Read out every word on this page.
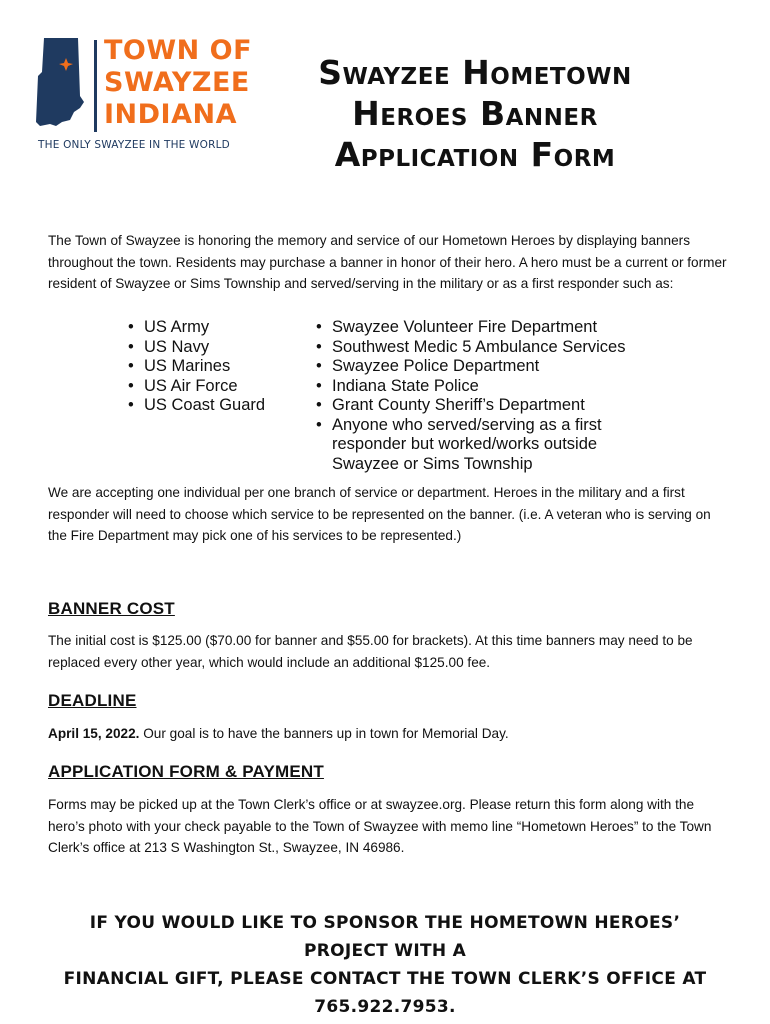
TOWN OF
SWAYZEE
INDIANA
THE ONLY SWAYZEE IN THE WORLD
Swayzee Hometown
Heroes Banner
Application Form

The Town of Swayzee is honoring the memory and service of our Hometown Heroes by displaying banners throughout the town. Residents may purchase a banner in honor of their hero. A hero must be a current or former resident of Swayzee or Sims Township and served/serving in the military or as a first responder such as:

• US Army
• US Navy
• US Marines
• US Air Force
• US Coast Guard
• Swayzee Volunteer Fire Department
• Southwest Medic 5 Ambulance Services
• Swayzee Police Department
• Indiana State Police
• Grant County Sheriff’s Department
• Anyone who served/serving as a first responder but worked/works outside Swayzee or Sims Township

We are accepting one individual per one branch of service or department. Heroes in the military and a first responder will need to choose which service to be represented on the banner. (i.e. A veteran who is serving on the Fire Department may pick one of his services to be represented.)

BANNER COST

The initial cost is $125.00 ($70.00 for banner and $55.00 for brackets). At this time banners may need to be replaced every other year, which would include an additional $125.00 fee.

DEADLINE

April 15, 2022. Our goal is to have the banners up in town for Memorial Day.

APPLICATION FORM & PAYMENT

Forms may be picked up at the Town Clerk’s office or at swayzee.org. Please return this form along with the hero’s photo with your check payable to the Town of Swayzee with memo line “Hometown Heroes” to the Town Clerk’s office at 213 S Washington St., Swayzee, IN 46986.

IF YOU WOULD LIKE TO SPONSOR THE HOMETOWN HEROES’ PROJECT WITH A
FINANCIAL GIFT, PLEASE CONTACT THE TOWN CLERK’S OFFICE AT 765.922.7953.
